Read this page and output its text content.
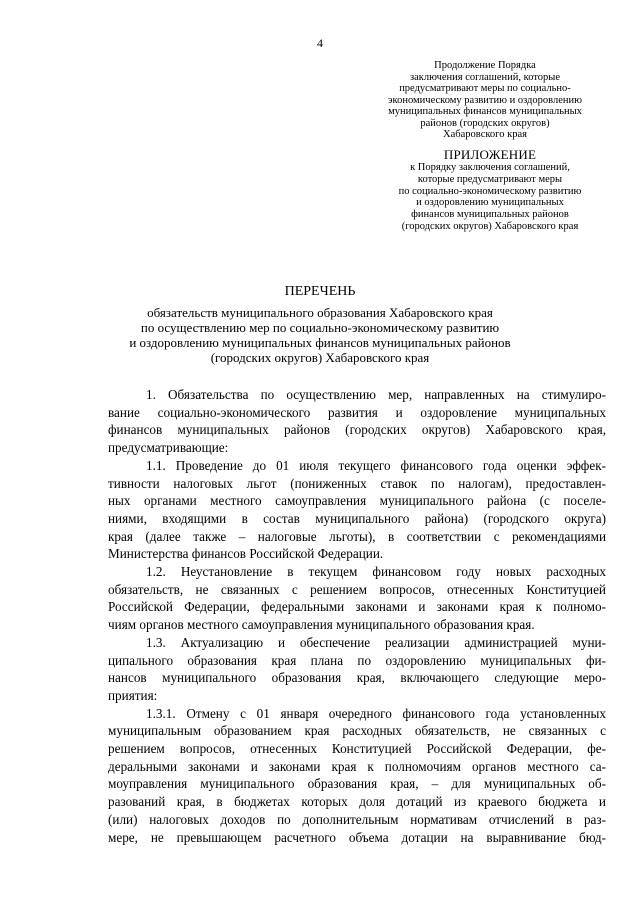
4
Продолжение Порядка
заключения соглашений, которые
предусматривают меры по социально-
экономическому развитию и оздоровлению
муниципальных финансов муниципальных
районов (городских округов)
Хабаровского края
ПРИЛОЖЕНИЕ
к Порядку заключения соглашений,
которые предусматривают меры
по социально-экономическому развитию
и оздоровлению муниципальных
финансов муниципальных районов
(городских округов) Хабаровского края
ПЕРЕЧЕНЬ
обязательств муниципального образования Хабаровского края
по осуществлению мер по социально-экономическому развитию
и оздоровлению муниципальных финансов муниципальных районов
(городских округов) Хабаровского края
1. Обязательства по осуществлению мер, направленных на стимулиро-
вание социально-экономического развития и оздоровление муниципальных
финансов муниципальных районов (городских округов) Хабаровского края,
предусматривающие:
1.1. Проведение до 01 июля текущего финансового года оценки эффек-
тивности налоговых льгот (пониженных ставок по налогам), предоставлен-
ных органами местного самоуправления муниципального района (с поселе-
ниями, входящими в состав муниципального района) (городского округа)
края (далее также – налоговые льготы), в соответствии с рекомендациями
Министерства финансов Российской Федерации.
1.2. Неустановление в текущем финансовом году новых расходных
обязательств, не связанных с решением вопросов, отнесенных Конституцией
Российской Федерации, федеральными законами и законами края к полномо-
чиям органов местного самоуправления муниципального образования края.
1.3. Актуализацию и обеспечение реализации администрацией муни-
ципального образования края плана по оздоровлению муниципальных фи-
нансов муниципального образования края, включающего следующие меро-
приятия:
1.3.1. Отмену с 01 января очередного финансового года установленных
муниципальным образованием края расходных обязательств, не связанных с
решением вопросов, отнесенных Конституцией Российской Федерации, фе-
деральными законами и законами края к полномочиям органов местного са-
моуправления муниципального образования края, – для муниципальных об-
разований края, в бюджетах которых доля дотаций из краевого бюджета и
(или) налоговых доходов по дополнительным нормативам отчислений в раз-
мере, не превышающем расчетного объема дотации на выравнивание бюд-
